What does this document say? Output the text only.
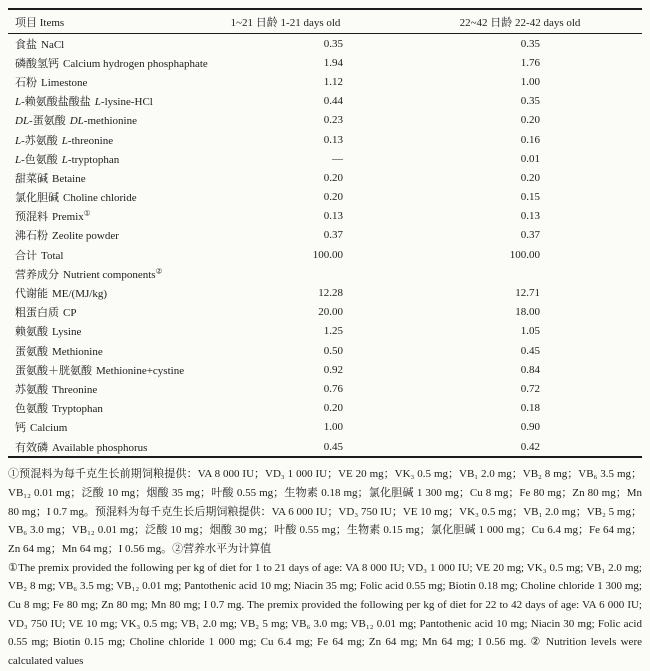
项目 Items	1~21 日龄 1-21 days old	22~42 日龄 22-42 days old
食盐 NaCl	0.35	0.35
磷酸氢钙 Calcium hydrogen phosphaphate	1.94	1.76
石粉 Limestone	1.12	1.00
L-赖氨酸盐酸盐 L-lysine-HCl	0.44	0.35
DL-蛋氨酸 DL-methionine	0.23	0.20
L-苏氨酸 L-threonine	0.13	0.16
L-色氨酸 L-tryptophan	—	0.01
甜菜碱 Betaine	0.20	0.20
氯化胆碱 Choline chloride	0.20	0.15
预混料 Premix①	0.13	0.13
沸石粉 Zeolite powder	0.37	0.37
合计 Total	100.00	100.00
营养成分 Nutrient components②		
代谢能 ME/(MJ/kg)	12.28	12.71
粗蛋白质 CP	20.00	18.00
赖氨酸 Lysine	1.25	1.05
蛋氨酸 Methionine	0.50	0.45
蛋氨酸＋胱氨酸 Methionine+cystine	0.92	0.84
苏氨酸 Threonine	0.76	0.72
色氨酸 Tryptophan	0.20	0.18
钙 Calcium	1.00	0.90
有效磷 Available phosphorus	0.45	0.42

①预混料为每千克生长前期饲粮提供：VA 8 000 IU；VD₃ 1 000 IU；VE 20 mg；VK₃ 0.5 mg；VB₁ 2.0 mg；VB₂ 8 mg；VB₆ 3.5 mg；VB₁₂ 0.01 mg；泛酸 10 mg；烟酸 35 mg；叶酸 0.55 mg；生物素 0.18 mg；氯化胆碱 1 300 mg；Cu 8 mg；Fe 80 mg；Zn 80 mg；Mn 80 mg；I 0.7 mg。预混料为每千克生长后期饲粮提供：VA 6 000 IU；VD₃ 750 IU；VE 10 mg；VK₃ 0.5 mg；VB₁ 2.0 mg；VB₂ 5 mg；VB₆ 3.0 mg；VB₁₂ 0.01 mg；泛酸 10 mg；烟酸 30 mg；叶酸 0.55 mg；生物素 0.15 mg；氯化胆碱 1 000 mg；Cu 6.4 mg；Fe 64 mg；Zn 64 mg；Mn 64 mg；I 0.56 mg。②营养水平为计算值

①The premix provided the following per kg of diet for 1 to 21 days of age: VA 8 000 IU; VD₃ 1 000 IU; VE 20 mg; VK₃ 0.5 mg; VB₁ 2.0 mg; VB₂ 8 mg; VB₆ 3.5 mg; VB₁₂ 0.01 mg; Pantothenic acid 10 mg; Niacin 35 mg; Folic acid 0.55 mg; Biotin 0.18 mg; Choline chloride 1 300 mg; Cu 8 mg; Fe 80 mg; Zn 80 mg; Mn 80 mg; I 0.7 mg. The premix provided the following per kg of diet for 22 to 42 days of age: VA 6 000 IU; VD₃ 750 IU; VE 10 mg; VK₃ 0.5 mg; VB₁ 2.0 mg; VB₂ 5 mg; VB₆ 3.0 mg; VB₁₂ 0.01 mg; Pantothenic acid 10 mg; Niacin 30 mg; Folic acid 0.55 mg; Biotin 0.15 mg; Choline chloride 1 000 mg; Cu 6.4 mg; Fe 64 mg; Zn 64 mg; Mn 64 mg; I 0.56 mg. ② Nutrition levels were calculated values
